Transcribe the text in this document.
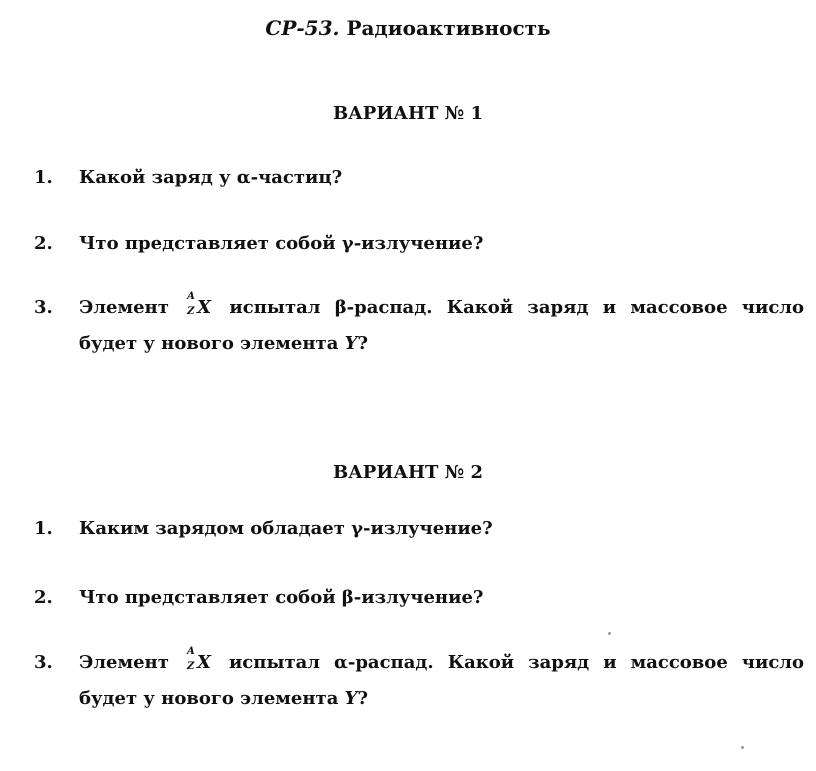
СР-53. Радиоактивность
ВАРИАНТ № 1
1. Какой заряд у α-частиц?
2. Что представляет собой γ-излучение?
3. Элемент
A
Z X испытал β-распад. Какой заряд и массовое число будет у нового элемента Y?
ВАРИАНТ № 2
1. Каким зарядом обладает γ-излучение?
2. Что представляет собой β-излучение?
3. Элемент
A
Z X испытал α-распад. Какой заряд и массовое число будет у нового элемента Y?
